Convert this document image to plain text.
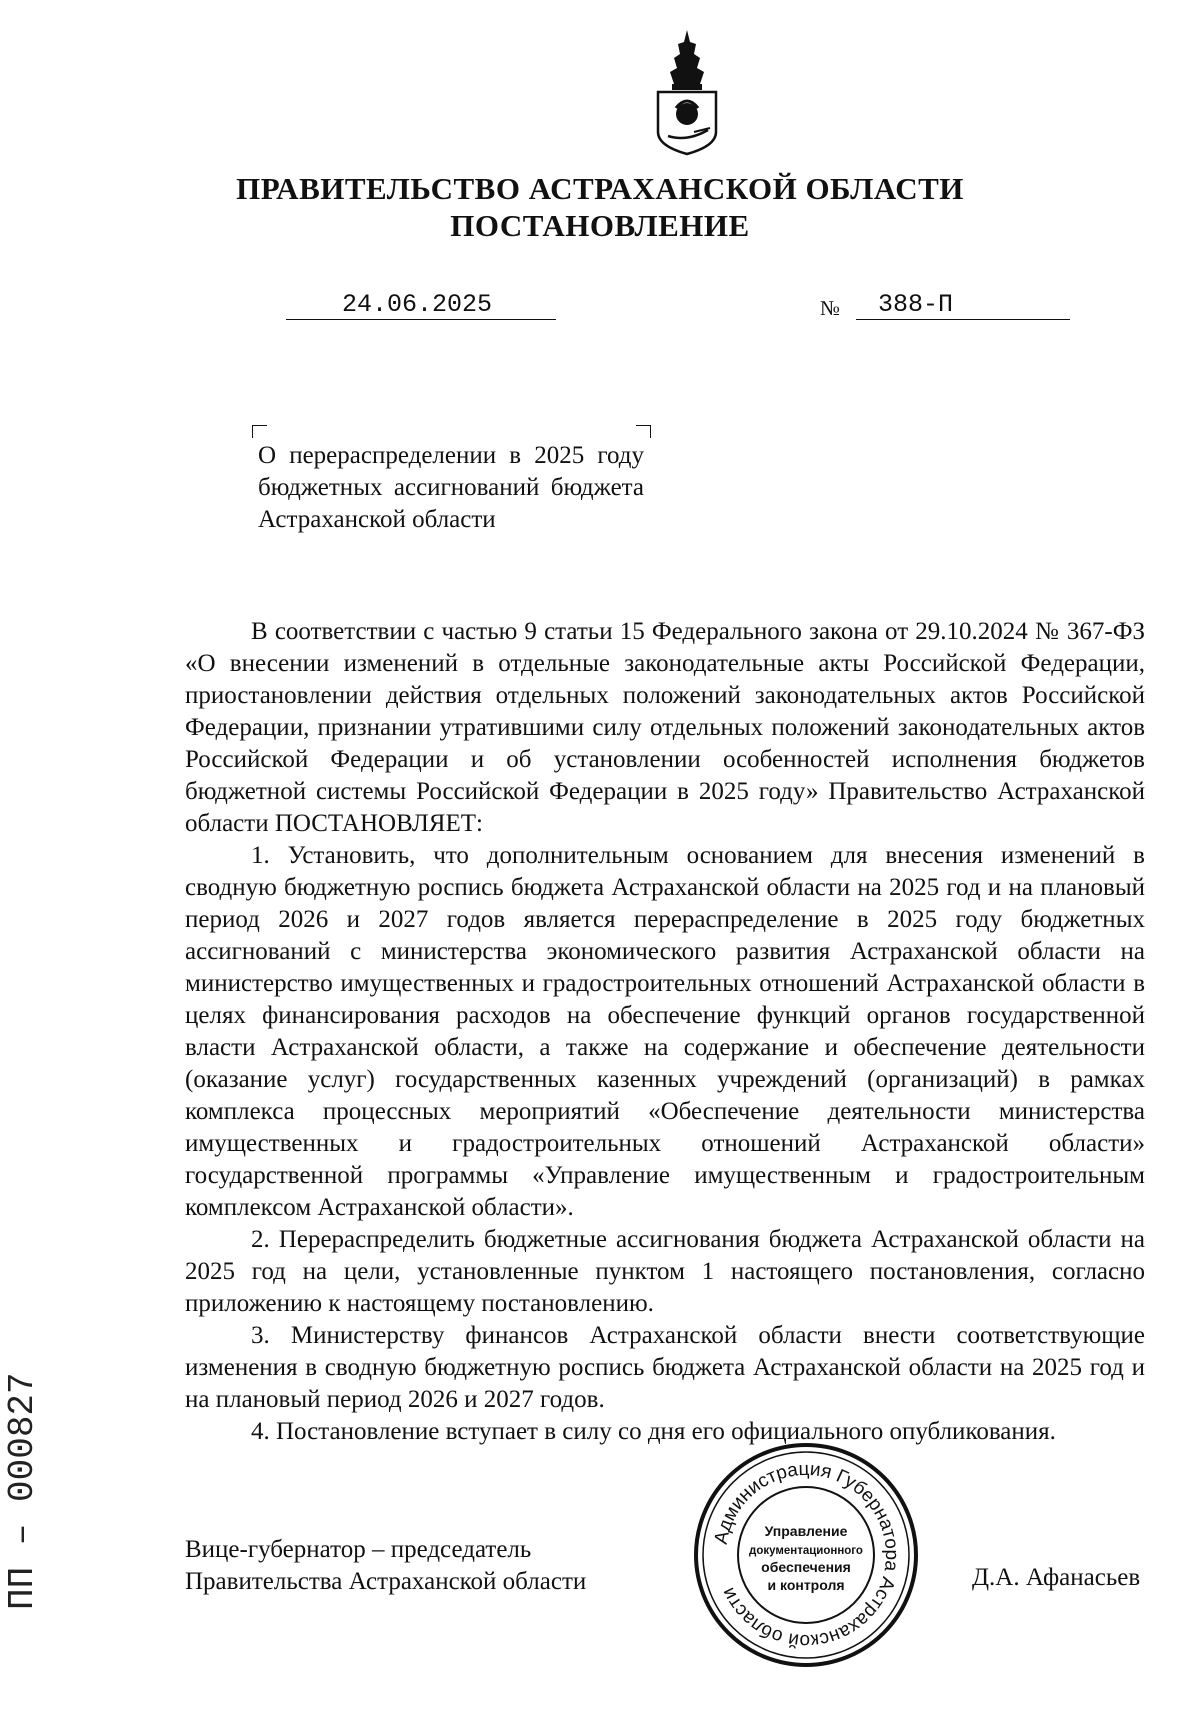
ПРАВИТЕЛЬСТВО АСТРАХАНСКОЙ ОБЛАСТИ
ПОСТАНОВЛЕНИЕ
24.06.2025	№ 388-П
О перераспределении в 2025 году бюджетных ассигнований бюджета Астраханской области

В соответствии с частью 9 статьи 15 Федерального закона от 29.10.2024 № 367-ФЗ «О внесении изменений в отдельные законодательные акты Российской Федерации, приостановлении действия отдельных положений законодательных актов Российской Федерации, признании утратившими силу отдельных положений законодательных актов Российской Федерации и об установлении особенностей исполнения бюджетов бюджетной системы Российской Федерации в 2025 году» Правительство Астраханской области ПОСТАНОВЛЯЕТ:

1. Установить, что дополнительным основанием для внесения изменений в сводную бюджетную роспись бюджета Астраханской области на 2025 год и на плановый период 2026 и 2027 годов является перераспределение в 2025 году бюджетных ассигнований с министерства экономического развития Астраханской области на министерство имущественных и градостроительных отношений Астраханской области в целях финансирования расходов на обеспечение функций органов государственной власти Астраханской области, а также на содержание и обеспечение деятельности (оказание услуг) государственных казенных учреждений (организаций) в рамках комплекса процессных мероприятий «Обеспечение деятельности министерства имущественных и градостроительных отношений Астраханской области» государственной программы «Управление имущественным и градостроительным комплексом Астраханской области».

2. Перераспределить бюджетные ассигнования бюджета Астраханской области на 2025 год на цели, установленные пунктом 1 настоящего постановления, согласно приложению к настоящему постановлению.

3. Министерству финансов Астраханской области внести соответствующие изменения в сводную бюджетную роспись бюджета Астраханской области на 2025 год и на плановый период 2026 и 2027 годов.

4. Постановление вступает в силу со дня его официального опубликования.

Вице-губернатор – председатель
Правительства Астраханской области
Администрация Губернатора Астраханской области
Управление
документационного
обеспечения
и контроля	Д.А. Афанасьев
ПП – 000827
